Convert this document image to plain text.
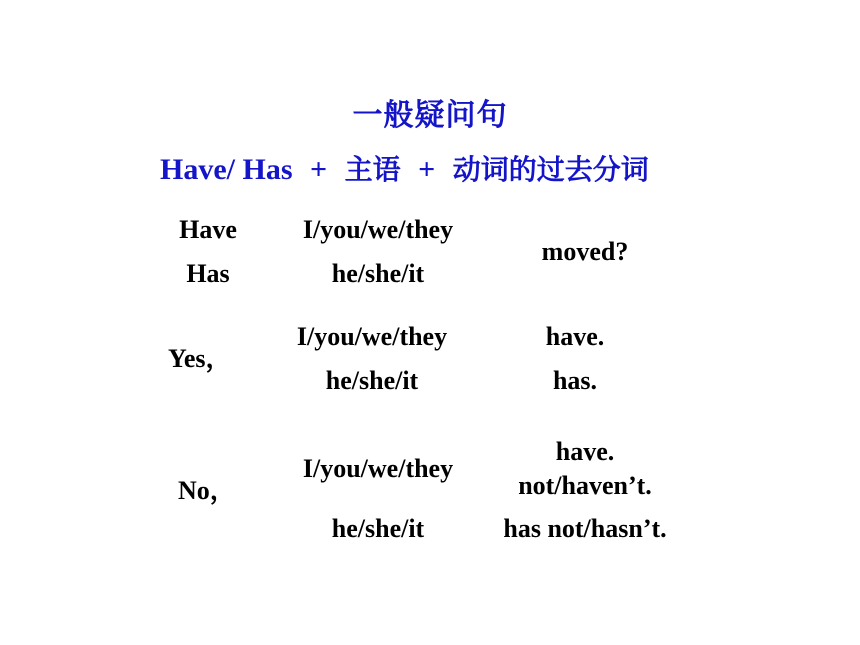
一般疑问句
Have/ Has + 主语 + 动词的过去分词
Have
Has
I/you/we/they
he/she/it
moved?
Yes，
I/you/we/they
he/she/it
have.
has.
No，
I/you/we/they
he/she/it
have.
not/haven’t.
has not/hasn’t.
